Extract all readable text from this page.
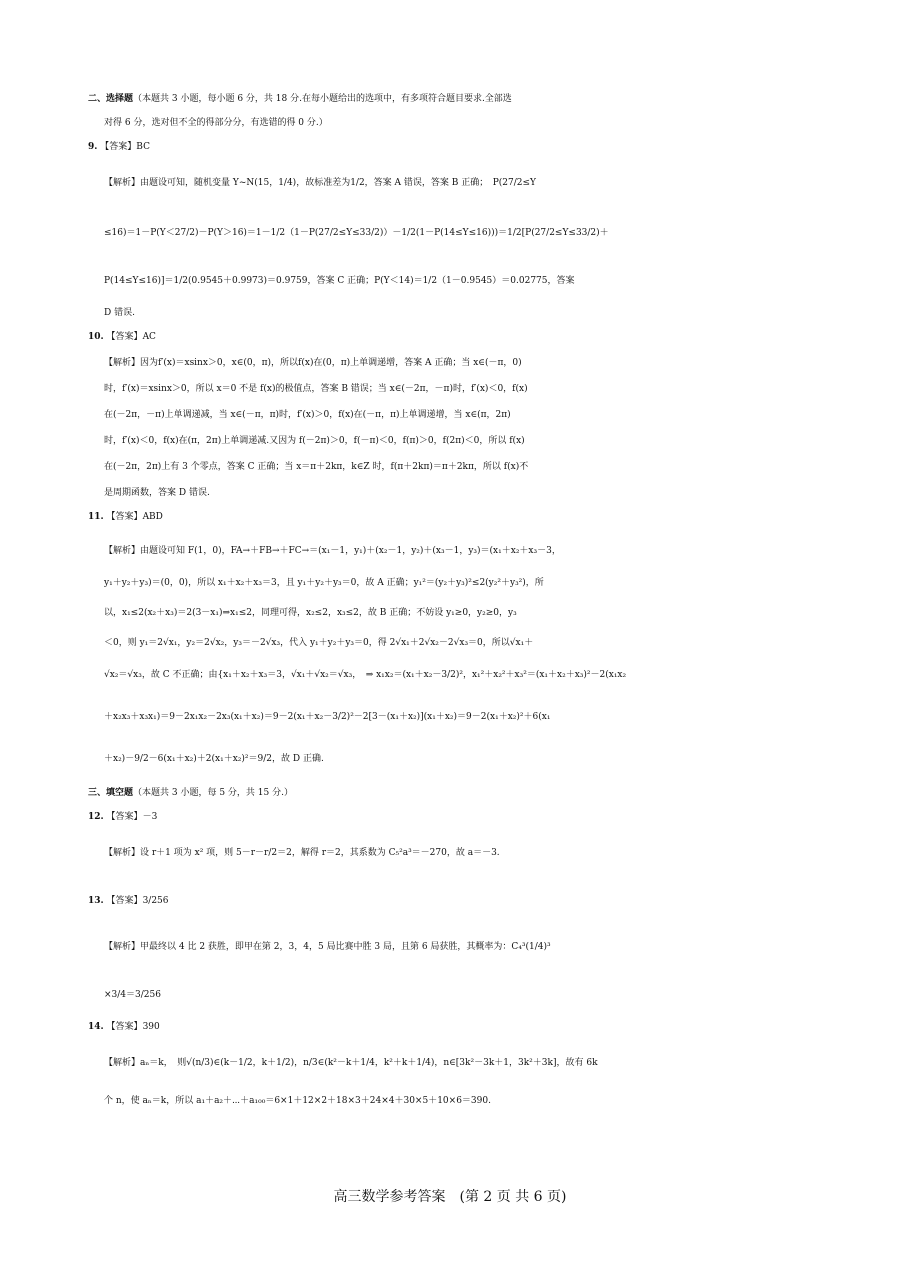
二、选择题（本题共 3 小题，每小题 6 分，共 18 分.在每小题给出的选项中，有多项符合题目要求.全部选
对得 6 分，选对但不全的得部分分，有选错的得 0 分.）
9. 【答案】BC
【解析】由题设可知，随机变量 Y~N(15，1/4)，故标准差为1/2，答案 A 错误，答案 B 正确；　P(27/2≤Y
≤16)＝1－P(Y＜27/2)－P(Y＞16)＝1－1/2（1－P(27/2≤Y≤33/2)）－1/2(1－P(14≤Y≤16)))＝1/2[P(27/2≤Y≤33/2)＋
P(14≤Y≤16)]＝1/2(0.9545＋0.9973)＝0.9759，答案 C 正确；P(Y＜14)＝1/2（1－0.9545）＝0.02775，答案
D 错误.
10. 【答案】AC
【解析】因为f′(x)＝xsinx＞0，x∈(0，π)，所以f(x)在(0，π)上单调递增，答案 A 正确；当 x∈(－π，0)
时，f′(x)＝xsinx＞0，所以 x＝0 不是 f(x)的极值点，答案 B 错误；当 x∈(－2π，－π)时，f′(x)＜0，f(x)
在(－2π，－π)上单调递减，当 x∈(－π，π)时，f′(x)＞0，f(x)在(－π，π)上单调递增，当 x∈(π，2π)
时，f′(x)＜0，f(x)在(π，2π)上单调递减.又因为 f(－2π)＞0，f(－π)＜0，f(π)＞0，f(2π)＜0，所以 f(x)
在(－2π，2π)上有 3 个零点，答案 C 正确；当 x＝π＋2kπ，k∈Z 时，f(π＋2kπ)＝π＋2kπ，所以 f(x)不
是周期函数，答案 D 错误.
11. 【答案】ABD
【解析】由题设可知 F(1，0)，FA→＋FB→＋FC→＝(x₁－1，y₁)＋(x₂－1，y₂)＋(x₃－1，y₃)＝(x₁＋x₂＋x₃－3，
y₁＋y₂＋y₃)＝(0，0)，所以 x₁＋x₂＋x₃＝3，且 y₁＋y₂＋y₃＝0，故 A 正确；y₁²＝(y₂＋y₃)²≤2(y₂²＋y₃²)，所
以，x₁≤2(x₂＋x₃)＝2(3－x₁)⇒x₁≤2，同理可得，x₂≤2，x₃≤2，故 B 正确；不妨设 y₁≥0，y₂≥0，y₃
＜0，则 y₁＝2√x₁，y₂＝2√x₂，y₃＝－2√x₃，代入 y₁＋y₂＋y₃＝0，得 2√x₁＋2√x₂－2√x₃＝0，所以√x₁＋
√x₂＝√x₃，故 C 不正确；由{x₁＋x₂＋x₃＝3，√x₁＋√x₂＝√x₃，　⇒ x₁x₂＝(x₁＋x₂－3/2)²，x₁²＋x₂²＋x₃²＝(x₁＋x₂＋x₃)²－2(x₁x₂
＋x₂x₃＋x₃x₁)＝9－2x₁x₂－2x₃(x₁＋x₂)＝9－2(x₁＋x₂－3/2)²－2[3－(x₁＋x₂)](x₁＋x₂)＝9－2(x₁＋x₂)²＋6(x₁
＋x₂)－9/2－6(x₁＋x₂)＋2(x₁＋x₂)²＝9/2，故 D 正确.
三、填空题（本题共 3 小题，每 5 分，共 15 分.）
12. 【答案】－3
【解析】设 r＋1 项为 x² 项，则 5－r－r/2＝2，解得 r＝2，其系数为 C₅²a³＝－270，故 a＝－3.
13. 【答案】3/256
【解析】甲最终以 4 比 2 获胜，即甲在第 2，3，4，5 局比赛中胜 3 局，且第 6 局获胜，其概率为：C₄³(1/4)³
×3/4＝3/256
14. 【答案】390
【解析】aₙ＝k，　则√(n/3)∈(k－1/2，k＋1/2)，n/3∈(k²－k＋1/4，k²＋k＋1/4)，n∈[3k²－3k＋1，3k²＋3k]，故有 6k
个 n，使 aₙ＝k，所以 a₁＋a₂＋⋯＋a₁₀₀＝6×1＋12×2＋18×3＋24×4＋30×5＋10×6＝390.
高三数学参考答案　(第 2 页 共 6 页)
